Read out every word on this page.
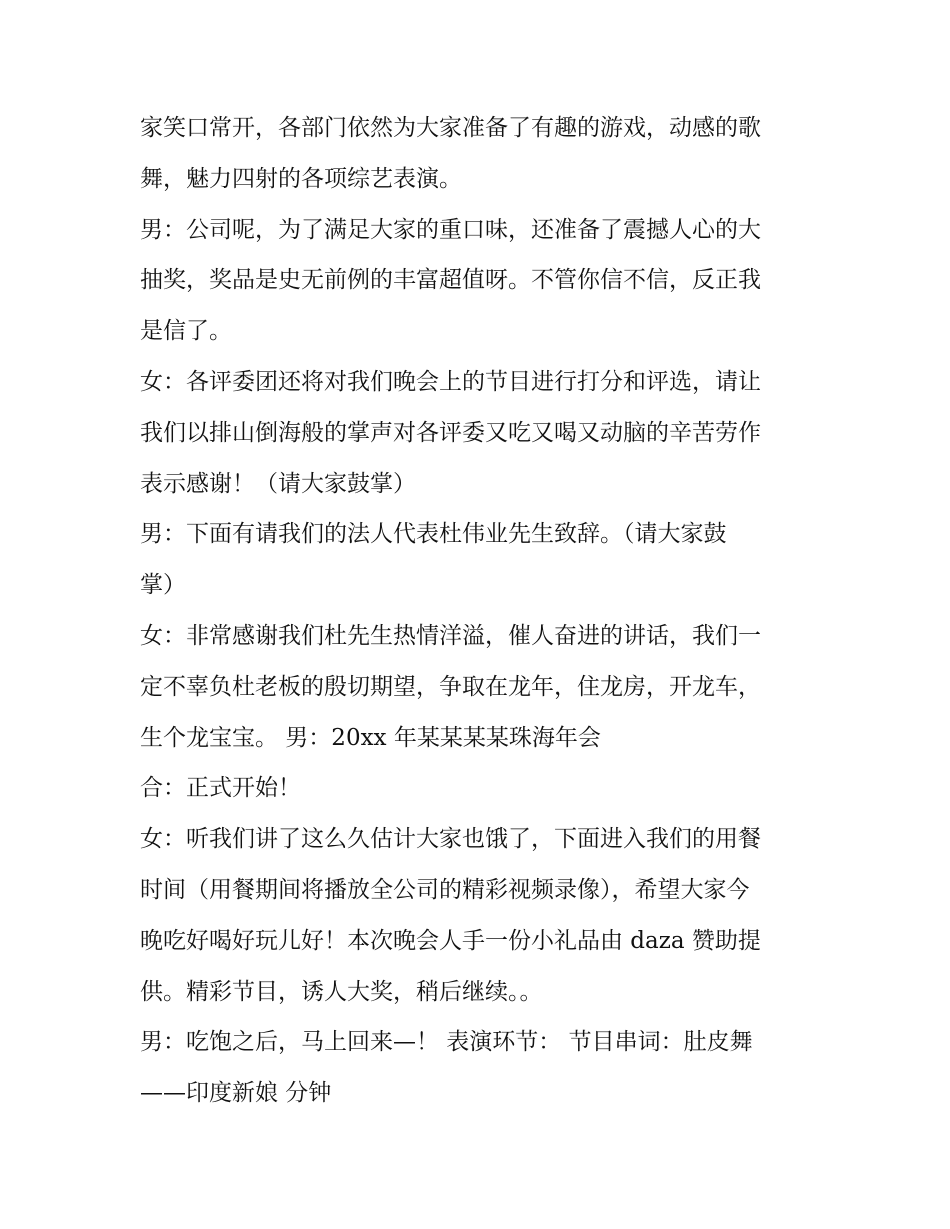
家笑口常开，各部门依然为大家准备了有趣的游戏，动感的歌
舞，魅力四射的各项综艺表演。
男：公司呢，为了满足大家的重口味，还准备了震撼人心的大
抽奖，奖品是史无前例的丰富超值呀。不管你信不信，反正我
是信了。
女：各评委团还将对我们晚会上的节目进行打分和评选，请让
我们以排山倒海般的掌声对各评委又吃又喝又动脑的辛苦劳作
表示感谢！（请大家鼓掌）
男：下面有请我们的法人代表杜伟业先生致辞。（请大家鼓
掌）
女：非常感谢我们杜先生热情洋溢，催人奋进的讲话，我们一
定不辜负杜老板的殷切期望，争取在龙年，住龙房，开龙车，
生个龙宝宝。 男：20xx 年某某某某珠海年会
合：正式开始！
女：听我们讲了这么久估计大家也饿了，下面进入我们的用餐
时间（用餐期间将播放全公司的精彩视频录像），希望大家今
晚吃好喝好玩儿好！本次晚会人手一份小礼品由 daza 赞助提
供。精彩节目，诱人大奖，稍后继续。。
男：吃饱之后，马上回来—！ 表演环节： 节目串词：肚皮舞
——印度新娘 分钟
